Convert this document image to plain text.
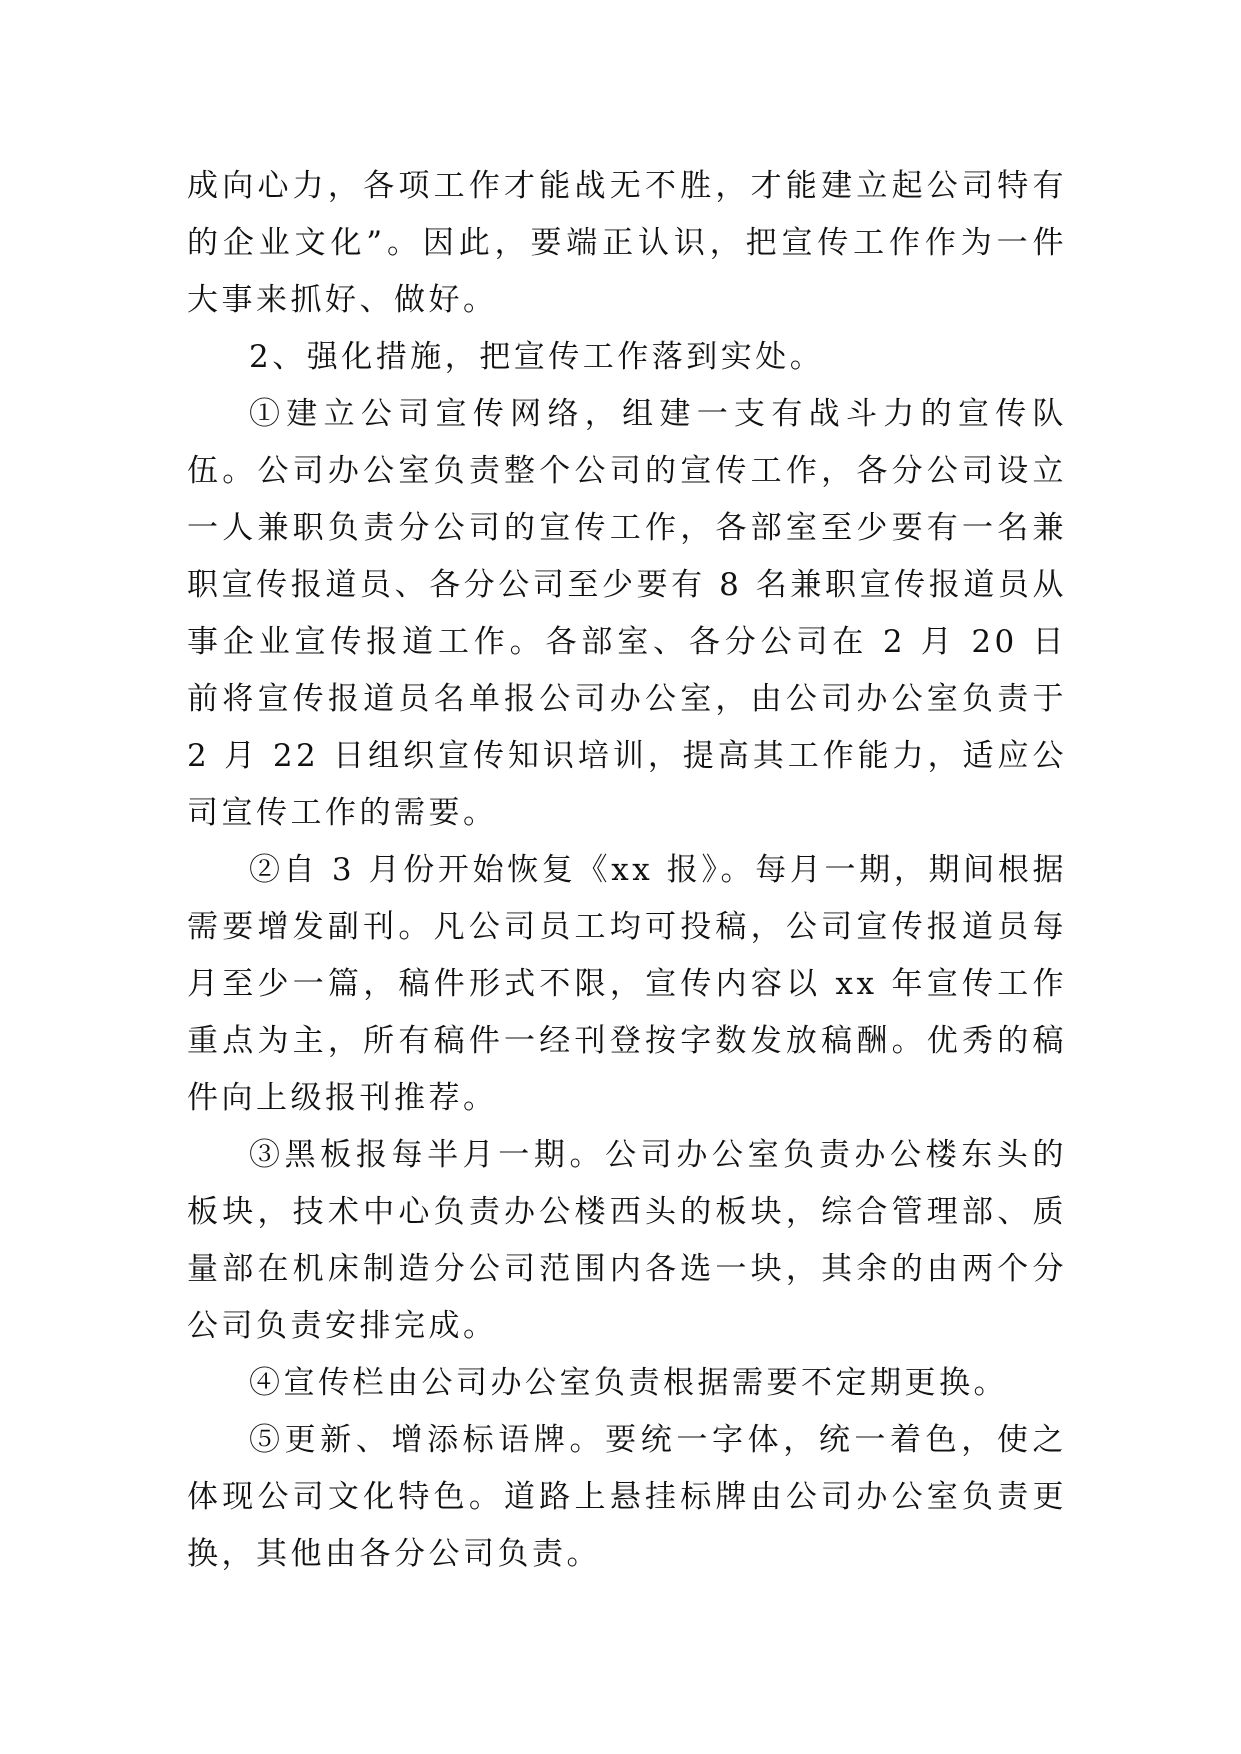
成向心力，各项工作才能战无不胜，才能建立起公司特有的企业文化”。因此，要端正认识，把宣传工作作为一件大事来抓好、做好。

2、强化措施，把宣传工作落到实处。

①建立公司宣传网络，组建一支有战斗力的宣传队伍。公司办公室负责整个公司的宣传工作，各分公司设立一人兼职负责分公司的宣传工作，各部室至少要有一名兼职宣传报道员、各分公司至少要有 8 名兼职宣传报道员从事企业宣传报道工作。各部室、各分公司在 2 月 20 日前将宣传报道员名单报公司办公室，由公司办公室负责于 2 月 22 日组织宣传知识培训，提高其工作能力，适应公司宣传工作的需要。

②自 3 月份开始恢复《xx 报》。每月一期，期间根据需要增发副刊。凡公司员工均可投稿，公司宣传报道员每月至少一篇，稿件形式不限，宣传内容以 xx 年宣传工作重点为主，所有稿件一经刊登按字数发放稿酬。优秀的稿件向上级报刊推荐。

③黑板报每半月一期。公司办公室负责办公楼东头的板块，技术中心负责办公楼西头的板块，综合管理部、质量部在机床制造分公司范围内各选一块，其余的由两个分公司负责安排完成。

④宣传栏由公司办公室负责根据需要不定期更换。

⑤更新、增添标语牌。要统一字体，统一着色，使之体现公司文化特色。道路上悬挂标牌由公司办公室负责更换，其他由各分公司负责。
